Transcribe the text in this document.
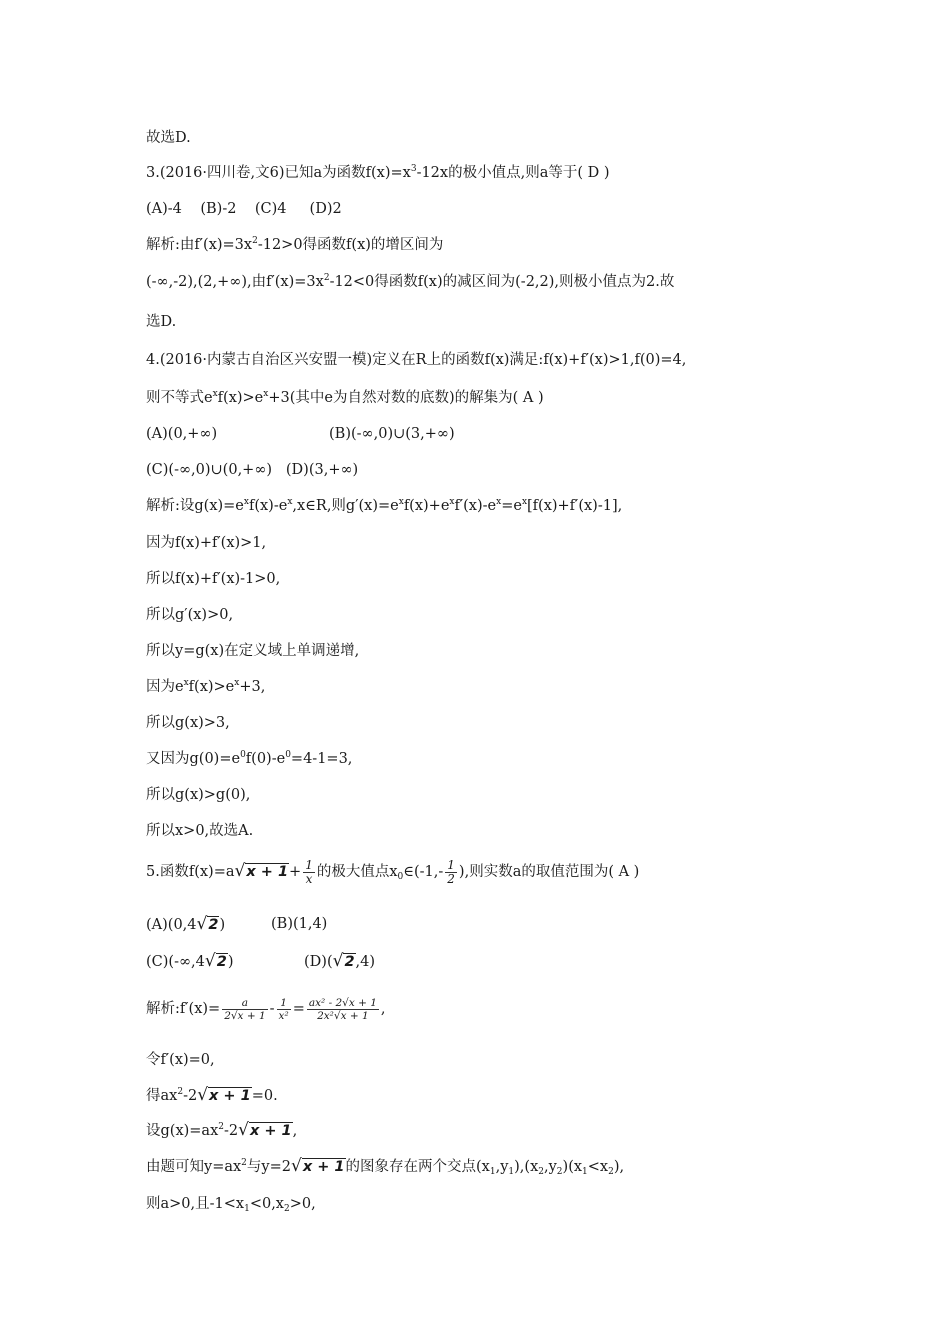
故选D.
3.(2016·四川卷,文6)已知a为函数$f(x)=x^3-12x$的极小值点,则a等于( D )
(A)-4    (B)-2    (C)4     (D)2
解析:由$f'(x)=3x^2-12>0$得函数f(x)的增区间为
(-∞,-2),(2,+∞),由$f'(x)=3x^2-12<0$得函数f(x)的减区间为(-2,2),则极小值点为2.故
选D.
4.(2016·内蒙古自治区兴安盟一模)定义在R上的函数f(x)满足:f(x)+f′(x)>1,f(0)=4,
则不等式$e^xf(x)>e^x+3$(其中e为自然对数的底数)的解集为( A )
(A)(0,+∞)	(B)(-∞,0)∪(3,+∞)
(C)(-∞,0)∪(0,+∞)   (D)(3,+∞)
解析:设$g(x)=e^xf(x)-e^x,x\in R$,则$g'(x)=e^xf(x)+e^xf'(x)-e^x=e^x[f(x)+f'(x)-1]$,
因为f(x)+f′(x)>1,
所以f(x)+f′(x)-1>0,
所以g′(x)>0,
所以y=g(x)在定义域上单调递增,
因为$e^xf(x)>e^x+3$,
所以g(x)>3,
又因为$g(0)=e^0f(0)-e^0=4-1=3$,
所以g(x)>g(0),
所以x>0,故选A.
5.函数$f(x)=a√x + 1+ \frac{1}{x}$ 的极大值点$x_0\in(-1,- \frac{1}{2}$ ),则实数a的取值范围为( A )
(A)(0,4√2)	(B)(1,4)
(C)(-∞,4√2)	(D)(√2,4)
解析:f′(x)= $\frac{a}{2√x + 1} - \frac{1}{\text{x²}} = \frac{\text{ax² - 2√x + 1}}{\text{2x²√x + 1}}$ ,
令f′(x)=0,
得$ax^2-2√x + 1=0$.
设$g(x)=ax^2-2√x + 1$,
由题可知$y=ax^2$与y=2√x + 1的图象存在两个交点$(x_1,y_1),(x_2,y_2)(x_1<x_2)$,
则a>0,且$-1<x_1<0,x_2>0$,
